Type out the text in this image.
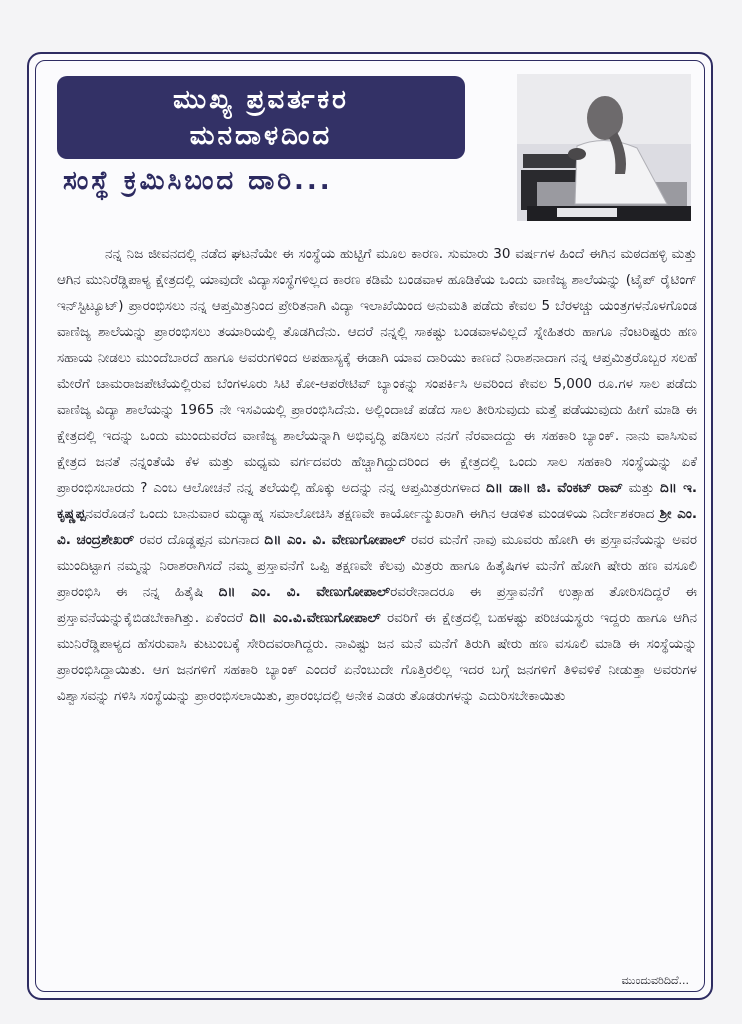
ಮುಖ್ಯ ಪ್ರವರ್ತಕರ
ಮನದಾಳದಿಂದ
ಸಂಸ್ಥೆ ಕ್ರಮಿಸಿಬಂದ ದಾರಿ...

ನನ್ನ ನಿಜ ಜೀವನದಲ್ಲಿ ನಡೆದ ಘಟನೆಯೇ ಈ ಸಂಸ್ಥೆಯ ಹುಟ್ಟಿಗೆ ಮೂಲ ಕಾರಣ. ಸುಮಾರು 30 ವರ್ಷಗಳ ಹಿಂದೆ ಈಗಿನ ಮಠದಹಳ್ಳಿ ಮತ್ತು ಆಗಿನ ಮುನಿರೆಡ್ಡಿಪಾಳ್ಯ ಕ್ಷೇತ್ರದಲ್ಲಿ ಯಾವುದೇ ವಿದ್ಯಾಸಂಸ್ಥೆಗಳಿಲ್ಲದ ಕಾರಣ ಕಡಿಮೆ ಬಂಡವಾಳ ಹೂಡಿಕೆಯ ಒಂದು ವಾಣಿಜ್ಯ ಶಾಲೆಯನ್ನು (ಟೈಪ್ ರೈಟಿಂಗ್ ಇನ್‌ಸ್ಟಿಟ್ಯೂಟ್) ಪ್ರಾರಂಭಿಸಲು ನನ್ನ ಆಪ್ತಮಿತ್ರನಿಂದ ಪ್ರೇರಿತನಾಗಿ ವಿದ್ಯಾ ಇಲಾಖೆಯಿಂದ ಅನುಮತಿ ಪಡೆದು ಕೇವಲ 5 ಬೆರಳಚ್ಚು ಯಂತ್ರಗಳನೊಳಗೊಂಡ ವಾಣಿಜ್ಯ ಶಾಲೆಯನ್ನು ಪ್ರಾರಂಭಿಸಲು ತಯಾರಿಯಲ್ಲಿ ತೊಡಗಿದೆನು. ಆದರೆ ನನ್ನಲ್ಲಿ ಸಾಕಷ್ಟು ಬಂಡವಾಳವಿಲ್ಲದೆ ಸ್ನೇಹಿತರು ಹಾಗೂ ನೆಂಟರಿಷ್ಟರು ಹಣ ಸಹಾಯ ನೀಡಲು ಮುಂದೆಬಾರದೆ ಹಾಗೂ ಅವರುಗಳಿಂದ ಅಪಹಾಸ್ಯಕ್ಕೆ ಈಡಾಗಿ ಯಾವ ದಾರಿಯು ಕಾಣದೆ ನಿರಾಶನಾದಾಗ ನನ್ನ ಆಪ್ತಮಿತ್ರರೊಬ್ಬರ ಸಲಹೆ ಮೇರೆಗೆ ಚಾಮರಾಜಪೇಟೆಯಲ್ಲಿರುವ ಬೆಂಗಳೂರು ಸಿಟಿ ಕೋ-ಆಪರೇಟಿವ್ ಬ್ಯಾಂಕನ್ನು ಸಂಪರ್ಕಿಸಿ ಅವರಿಂದ ಕೇವಲ 5,000 ರೂ.ಗಳ ಸಾಲ ಪಡೆದು ವಾಣಿಜ್ಯ ವಿದ್ಯಾ ಶಾಲೆಯನ್ನು 1965 ನೇ ಇಸವಿಯಲ್ಲಿ ಪ್ರಾರಂಭಿಸಿದೆನು. ಅಲ್ಲಿಂದಾಚೆ ಪಡೆದ ಸಾಲ ತೀರಿಸುವುದು ಮತ್ತೆ ಪಡೆಯುವುದು ಹೀಗೆ ಮಾಡಿ ಈ ಕ್ಷೇತ್ರದಲ್ಲಿ ಇದನ್ನು ಒಂದು ಮುಂದುವರೆದ ವಾಣಿಜ್ಯ ಶಾಲೆಯನ್ನಾಗಿ ಅಭಿವೃದ್ಧಿ ಪಡಿಸಲು ನನಗೆ ನೆರವಾದದ್ದು ಈ ಸಹಕಾರಿ ಬ್ಯಾಂಕ್. ನಾನು ವಾಸಿಸುವ ಕ್ಷೇತ್ರದ ಜನತೆ ನನ್ನಂತೆಯೆ ಕೆಳ ಮತ್ತು ಮಧ್ಯಮ ವರ್ಗದವರು ಹೆಚ್ಚಾಗಿದ್ದುದರಿಂದ ಈ ಕ್ಷೇತ್ರದಲ್ಲಿ ಒಂದು ಸಾಲ ಸಹಕಾರಿ ಸಂಸ್ಥೆಯನ್ನು ಏಕೆ ಪ್ರಾರಂಭಿಸಬಾರದು ? ಎಂಬ ಆಲೋಚನೆ ನನ್ನ ತಲೆಯಲ್ಲಿ ಹೊಕ್ಕು ಅದನ್ನು ನನ್ನ ಆಪ್ತಮಿತ್ರರುಗಳಾದ ದಿ॥ ಡಾ॥ ಜಿ. ವೆಂಕಟ್ ರಾವ್ ಮತ್ತು ದಿ॥ ಇ. ಕೃಷ್ಣಪ್ಪನವರೊಡನೆ ಒಂದು ಬಾನುವಾರ ಮಧ್ಯಾಹ್ನ ಸಮಾಲೋಚಿಸಿ ತಕ್ಷಣವೇ ಕಾರ್ಯೋನ್ಮುಖರಾಗಿ ಈಗಿನ ಆಡಳಿತ ಮಂಡಳಿಯ ನಿರ್ದೇಶಕರಾದ ಶ್ರೀ ಎಂ. ವಿ. ಚಂದ್ರಶೇಖರ್ ರವರ ದೊಡ್ಡಪ್ಪನ ಮಗನಾದ ದಿ॥ ಎಂ. ವಿ. ವೇಣುಗೋಪಾಲ್ ರವರ ಮನೆಗೆ ನಾವು ಮೂವರು ಹೋಗಿ ಈ ಪ್ರಸ್ತಾವನೆಯನ್ನು ಅವರ ಮುಂದಿಟ್ಟಾಗ ನಮ್ಮನ್ನು ನಿರಾಶರಾಗಿಸದೆ ನಮ್ಮ ಪ್ರಸ್ತಾವನೆಗೆ ಒಪ್ಪಿ ತಕ್ಷಣವೇ ಕೆಲವು ಮಿತ್ರರು ಹಾಗೂ ಹಿತೈಷಿಗಳ ಮನೆಗೆ ಹೋಗಿ ಷೇರು ಹಣ ವಸೂಲಿ ಪ್ರಾರಂಭಿಸಿ ಈ ನನ್ನ ಹಿತೈಷಿ ದಿ॥ ಎಂ. ವಿ. ವೇಣುಗೋಪಾಲ್ರವರೇನಾದರೂ ಈ ಪ್ರಸ್ತಾವನೆಗೆ ಉತ್ಸಾಹ ತೋರಿಸದಿದ್ದರೆ ಈ ಪ್ರಸ್ತಾವನೆಯನ್ನುಕೈಬಿಡಬೇಕಾಗಿತ್ತು. ಏಕೆಂದರೆ ದಿ॥ ಎಂ.ವಿ.ವೇಣುಗೋಪಾಲ್ ರವರಿಗೆ ಈ ಕ್ಷೇತ್ರದಲ್ಲಿ ಬಹಳಷ್ಟು ಪರಿಚಯಸ್ಥರು ಇದ್ದರು ಹಾಗೂ ಆಗಿನ ಮುನಿರೆಡ್ಡಿಪಾಳ್ಯದ ಹೆಸರುವಾಸಿ ಕುಟುಂಬಕ್ಕೆ ಸೇರಿದವರಾಗಿದ್ದರು. ನಾವಿಷ್ಟು ಜನ ಮನೆ ಮನೆಗೆ ತಿರುಗಿ ಷೇರು ಹಣ ವಸೂಲಿ ಮಾಡಿ ಈ ಸಂಸ್ಥೆಯನ್ನು ಪ್ರಾರಂಭಿಸಿದ್ದಾಯಿತು. ಆಗ ಜನಗಳಿಗೆ ಸಹಕಾರಿ ಬ್ಯಾಂಕ್ ಎಂದರೆ ಏನೆಂಬುದೇ ಗೊತ್ತಿರಲಿಲ್ಲ ಇದರ ಬಗ್ಗೆ ಜನಗಳಿಗೆ ತಿಳಿವಳಿಕೆ ನೀಡುತ್ತಾ ಅವರುಗಳ ವಿಶ್ವಾಸವನ್ನು ಗಳಿಸಿ ಸಂಸ್ಥೆಯನ್ನು ಪ್ರಾರಂಭಿಸಲಾಯಿತು, ಪ್ರಾರಂಭದಲ್ಲಿ ಅನೇಕ ಎಡರು ತೊಡರುಗಳನ್ನು ಎದುರಿಸಬೇಕಾಯಿತು

ಮುಂದುವರಿದಿದೆ...
